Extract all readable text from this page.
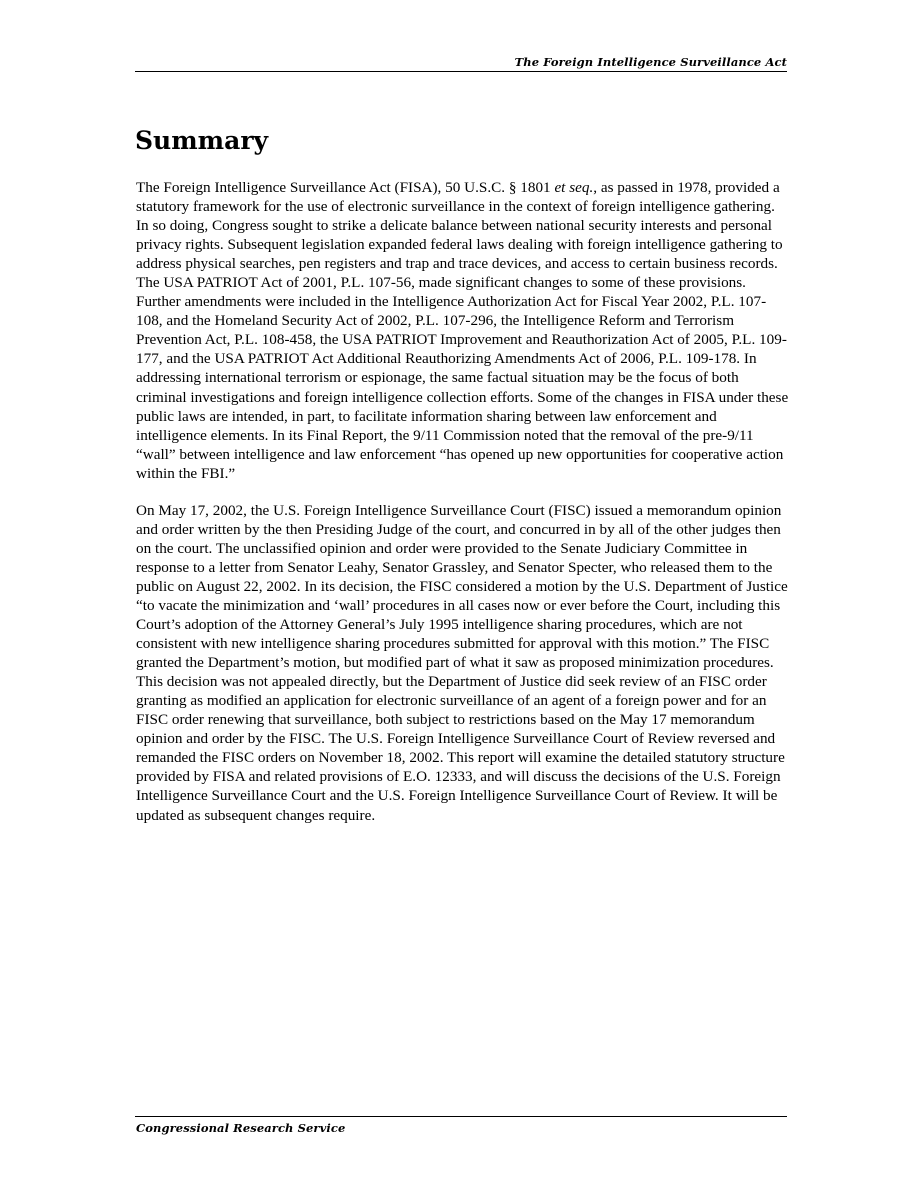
The Foreign Intelligence Surveillance Act
Summary

The Foreign Intelligence Surveillance Act (FISA), 50 U.S.C. § 1801 et seq., as passed in 1978, provided a statutory framework for the use of electronic surveillance in the context of foreign intelligence gathering. In so doing, Congress sought to strike a delicate balance between national security interests and personal privacy rights. Subsequent legislation expanded federal laws dealing with foreign intelligence gathering to address physical searches, pen registers and trap and trace devices, and access to certain business records. The USA PATRIOT Act of 2001, P.L. 107-56, made significant changes to some of these provisions. Further amendments were included in the Intelligence Authorization Act for Fiscal Year 2002, P.L. 107-108, and the Homeland Security Act of 2002, P.L. 107-296, the Intelligence Reform and Terrorism Prevention Act, P.L. 108-458, the USA PATRIOT Improvement and Reauthorization Act of 2005, P.L. 109-177, and the USA PATRIOT Act Additional Reauthorizing Amendments Act of 2006, P.L. 109-178. In addressing international terrorism or espionage, the same factual situation may be the focus of both criminal investigations and foreign intelligence collection efforts. Some of the changes in FISA under these public laws are intended, in part, to facilitate information sharing between law enforcement and intelligence elements. In its Final Report, the 9/11 Commission noted that the removal of the pre-9/11 “wall” between intelligence and law enforcement “has opened up new opportunities for cooperative action within the FBI.”

On May 17, 2002, the U.S. Foreign Intelligence Surveillance Court (FISC) issued a memorandum opinion and order written by the then Presiding Judge of the court, and concurred in by all of the other judges then on the court. The unclassified opinion and order were provided to the Senate Judiciary Committee in response to a letter from Senator Leahy, Senator Grassley, and Senator Specter, who released them to the public on August 22, 2002. In its decision, the FISC considered a motion by the U.S. Department of Justice “to vacate the minimization and ‘wall’ procedures in all cases now or ever before the Court, including this Court’s adoption of the Attorney General’s July 1995 intelligence sharing procedures, which are not consistent with new intelligence sharing procedures submitted for approval with this motion.” The FISC granted the Department’s motion, but modified part of what it saw as proposed minimization procedures. This decision was not appealed directly, but the Department of Justice did seek review of an FISC order granting as modified an application for electronic surveillance of an agent of a foreign power and for an FISC order renewing that surveillance, both subject to restrictions based on the May 17 memorandum opinion and order by the FISC. The U.S. Foreign Intelligence Surveillance Court of Review reversed and remanded the FISC orders on November 18, 2002. This report will examine the detailed statutory structure provided by FISA and related provisions of E.O. 12333, and will discuss the decisions of the U.S. Foreign Intelligence Surveillance Court and the U.S. Foreign Intelligence Surveillance Court of Review. It will be updated as subsequent changes require.

Congressional Research Service
